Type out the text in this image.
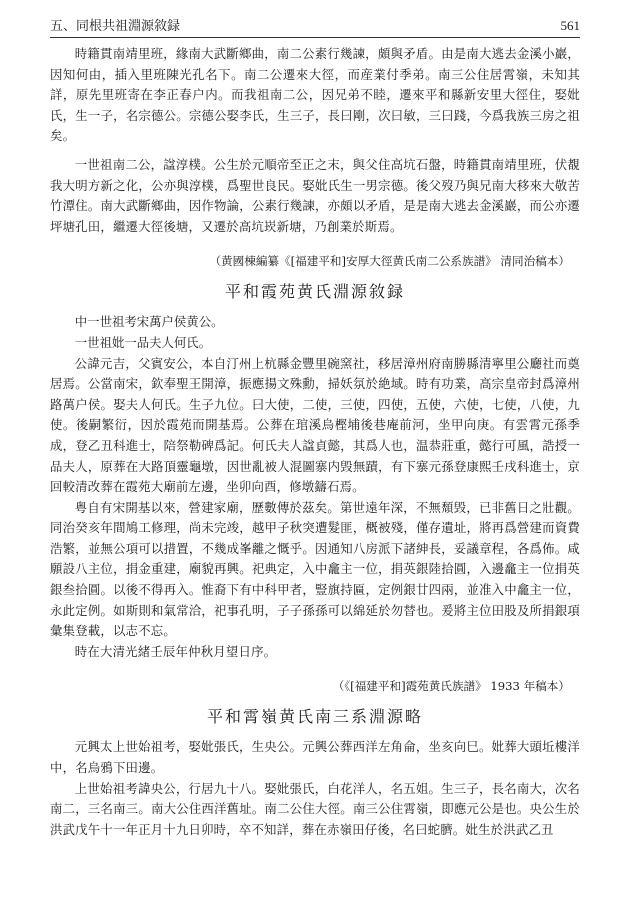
五、同根共祖淵源敘録	561

時籍貫南靖里班，緣南大武斷鄉曲，南二公素行幾諫，頗與矛盾。由是南大逃去金溪小巖，因知何由，插入里班陳光孔名下。南二公遷來大徑，而産業付季弟。南三公住居霄嶺，未知其詳，原先里班寄在李正春户内。而我祖南二公，因兄弟不睦，遷來平和縣新安里大徑住，娶妣氏，生一子，名宗德公。宗德公娶李氏，生三子，長曰剛，次曰敏，三曰踐，今爲我族三房之祖矣。

一世祖南二公，諡淳樸。公生於元順帝至正之末，與父住高坑石盤，時籍貫南靖里班，伏覩我大明方新之化，公亦與淳樸，爲聖世良民。娶妣氏生一男宗德。後父歿乃與兄南大移來大敬苦竹潭住。南大武斷鄉曲，因作物論，公素行幾諫，亦頗以矛盾，是是南大逃去金溪巖，而公亦遷坪塘孔田，繼遷大徑後塘，又遷於高坑崁新塘，乃創業於斯焉。

（黄國棟編纂《[福建平和]安厚大徑黄氏南二公系族譜》 清同治稿本）
平和霞苑黄氏淵源敘録

中一世祖考宋萬户侯黄公。

一世祖妣一品夫人何氏。

公諱元吉，父賓安公，本自汀州上杭縣金豐里碗窯社，移居漳州府南勝縣清寧里公廳社而奠居焉。公當南宋，欽奉聖王開漳，振應揚文殊勳，掃妖氛於絶域。時有功業，高宗皇帝封爲漳州路萬户侯。娶夫人何氏。生子九位。曰大使，二使，三使，四使，五使，六使，七使，八使，九使。後嗣繁衍，因於霞苑而開基焉。公葬在琯溪烏樫埔後巷庵前河，坐甲向庚。有雲霄元孫季成，登乙丑科進士，陪祭勒碑爲記。何氏夫人諡貞懿，其爲人也，温恭莊重，懿行可風，誥授一品夫人，原葬在大路頂靈龜墩，因世亂被人混圖寨内毁無蹟，有下寨元孫登康熙壬戌科進士，京回較清改葬在霞苑大廟前左邊，坐卯向酉，修墩鑄石焉。

粤自有宋開基以來，營建家廟，歷數傳於茲矣。第世遠年深，不無頹毁，已非舊日之壯觀。同治癸亥年間鳩工修理，尚未完竣，越甲子秋突遭髮匪，概被殘，僅存遺址，將再爲營建而資費浩繁，並無公項可以措置，不幾成峯離之慨乎。因通知八房派下諸紳長，妥議章程，各爲佈。咸願設八主位，捐金重建，廟貌再興。祀典定，入中龕主一位，捐英銀陸拾圓，入邊龕主一位捐英銀叁拾圓。以後不得再入。惟裔下有中科甲者，豎旗持匾，定例銀廿四兩，並准入中龕主一位，永此定例。如斯則和氣常洽，祀事孔明，子子孫孫可以綿延於勿替也。爰將主位田股及所捐銀項彙集登載，以志不忘。

時在大清光緒壬辰年仲秋月望日序。

（《[福建平和]霞苑黄氏族譜》 1933 年稿本）
平和霄嶺黄氏南三系淵源略

元興太上世始祖考，娶妣張氏，生央公。元興公葬西洋左角侖，坐亥向巳。妣葬大頭坵樓洋中，名烏鴉下田邊。

上世始祖考諱央公，行居九十八。娶妣張氏，白花洋人，名五姐。生三子，長名南大，次名南二，三名南三。南大公住西洋舊址。南二公住大徑。南三公住霄嶺，即應元公是也。央公生於洪武戊午十一年正月十九日卯時，卒不知詳，葬在赤嶺田仔後，名曰蛇臍。妣生於洪武乙丑
